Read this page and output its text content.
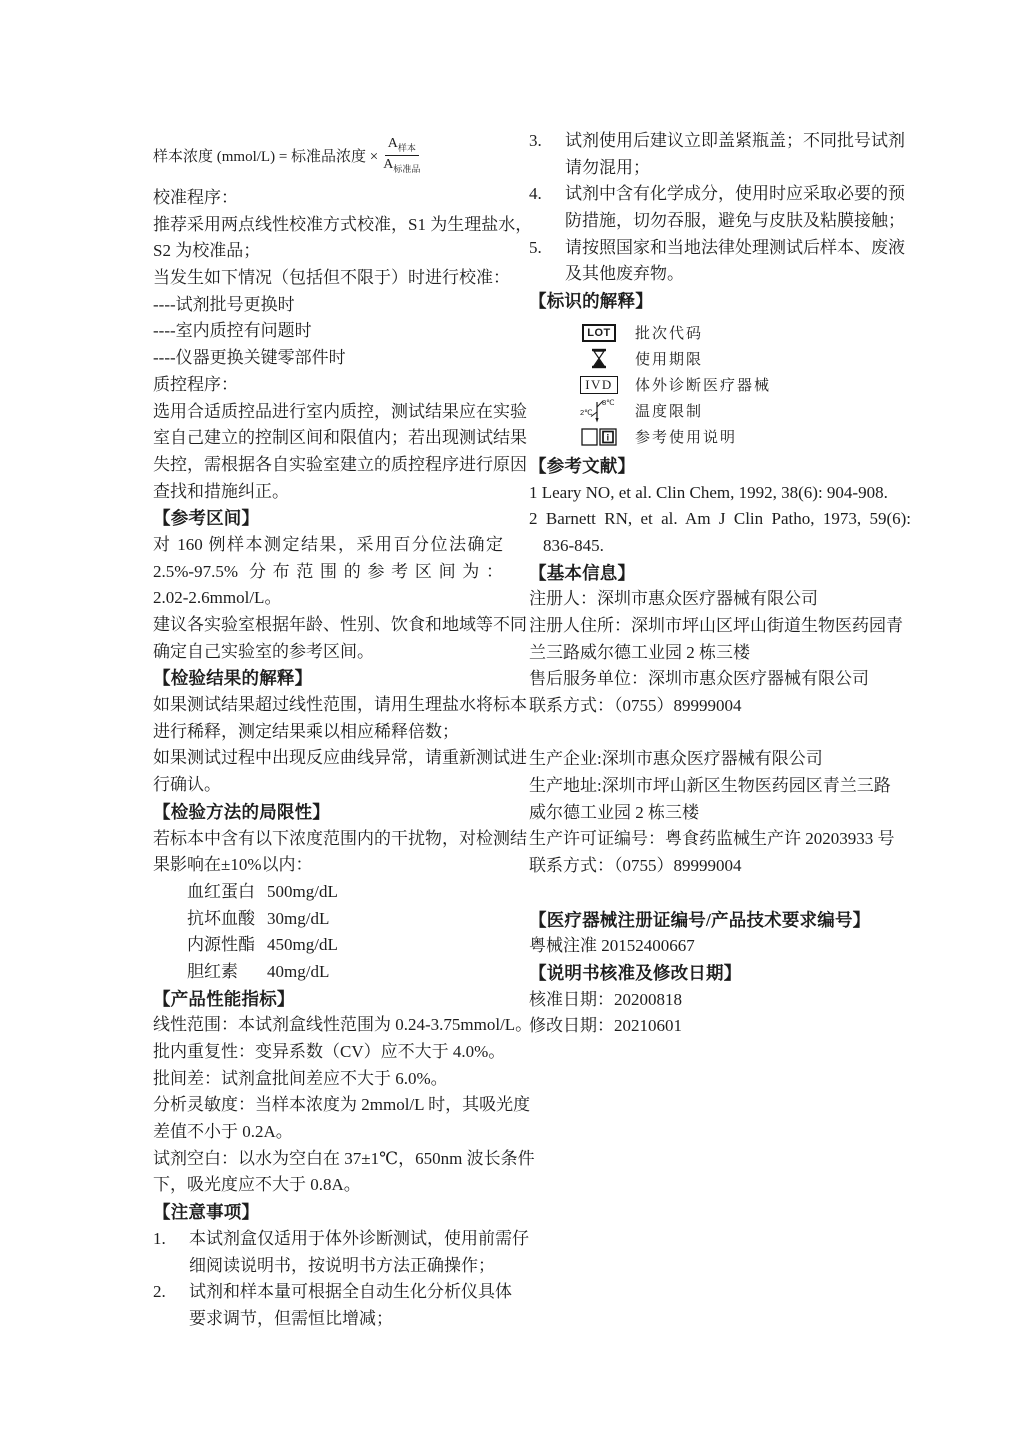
样本浓度 (mmol/L) = 标准品浓度 × $\frac{A_{样本}}{A_{标准品}}$
校准程序：
推荐采用两点线性校准方式校准，S1 为生理盐水，
S2 为校准品；
当发生如下情况（包括但不限于）时进行校准：
----试剂批号更换时
----室内质控有问题时
----仪器更换关键零部件时
质控程序：
选用合适质控品进行室内质控，测试结果应在实验
室自己建立的控制区间和限值内；若出现测试结果
失控，需根据各自实验室建立的质控程序进行原因
查找和措施纠正。
【参考区间】
对 160 例样本测定结果，采用百分位法确定
2.5%-97.5% 分布范围的参考区间为：
2.02-2.6mmol/L。
建议各实验室根据年龄、性别、饮食和地域等不同
确定自己实验室的参考区间。
【检验结果的解释】
如果测试结果超过线性范围，请用生理盐水将标本
进行稀释，测定结果乘以相应稀释倍数；
如果测试过程中出现反应曲线异常，请重新测试进
行确认。
【检验方法的局限性】
若标本中含有以下浓度范围内的干扰物，对检测结
果影响在±10%以内：
血红蛋白 500mg/dL
抗坏血酸 30mg/dL
内源性酯 450mg/dL
胆红素	40mg/dL
【产品性能指标】
线性范围：本试剂盒线性范围为 0.24-3.75mmol/L。
批内重复性：变异系数（CV）应不大于 4.0%。
批间差：试剂盒批间差应不大于 6.0%。
分析灵敏度：当样本浓度为 2mmol/L 时，其吸光度
差值不小于 0.2A。
试剂空白：以水为空白在 37±1℃，650nm 波长条件
下，吸光度应不大于 0.8A。
【注意事项】
1.	本试剂盒仅适用于体外诊断测试，使用前需仔
细阅读说明书，按说明书方法正确操作；
2.	试剂和样本量可根据全自动生化分析仪具体
要求调节，但需恒比增减；
3.	试剂使用后建议立即盖紧瓶盖；不同批号试剂
请勿混用；
4.	试剂中含有化学成分，使用时应采取必要的预
防措施，切勿吞服，避免与皮肤及粘膜接触；
5.	请按照国家和当地法律处理测试后样本、废液
及其他废弃物。
【标识的解释】
LOT	批次代码
使用期限
IVD	体外诊断医疗器械
8℃
2℃	温度限制
i 参考使用说明
【参考文献】
1 Leary NO, et al. Clin Chem, 1992, 38(6): 904-908.
2 Barnett RN, et al. Am J Clin Patho, 1973, 59(6):
836-845.
【基本信息】
注册人：深圳市惠众医疗器械有限公司
注册人住所：深圳市坪山区坪山街道生物医药园青
兰三路威尔德工业园 2 栋三楼
售后服务单位：深圳市惠众医疗器械有限公司
联系方式：（0755）89999004
生产企业:深圳市惠众医疗器械有限公司
生产地址:深圳市坪山新区生物医药园区青兰三路
威尔德工业园 2 栋三楼
生产许可证编号：粤食药监械生产许 20203933 号
联系方式：（0755）89999004
【医疗器械注册证编号/产品技术要求编号】
粤械注准 20152400667
【说明书核准及修改日期】
核准日期：20200818
修改日期：20210601
